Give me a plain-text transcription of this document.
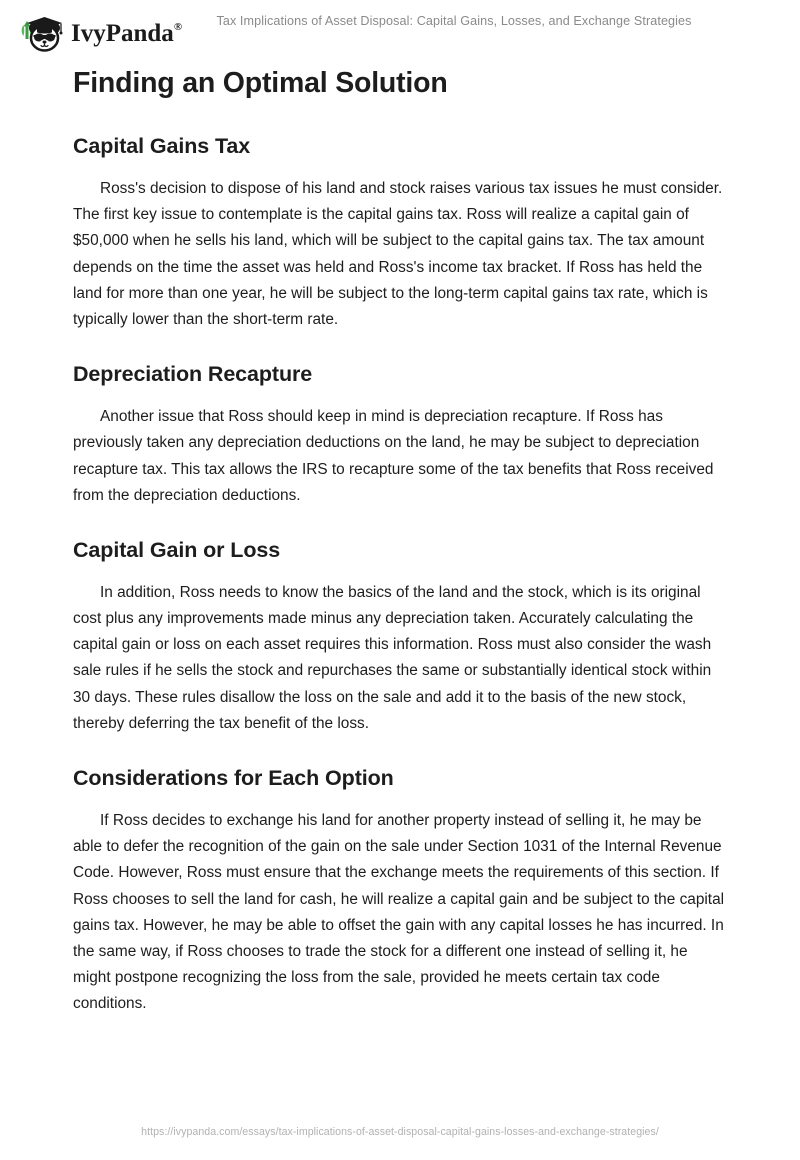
IvyPanda®	Tax Implications of Asset Disposal: Capital Gains, Losses, and Exchange Strategies
Finding an Optimal Solution
Capital Gains Tax

Ross's decision to dispose of his land and stock raises various tax issues he must consider. The first key issue to contemplate is the capital gains tax. Ross will realize a capital gain of $50,000 when he sells his land, which will be subject to the capital gains tax. The tax amount depends on the time the asset was held and Ross's income tax bracket. If Ross has held the land for more than one year, he will be subject to the long-term capital gains tax rate, which is typically lower than the short-term rate.

Depreciation Recapture

Another issue that Ross should keep in mind is depreciation recapture. If Ross has previously taken any depreciation deductions on the land, he may be subject to depreciation recapture tax. This tax allows the IRS to recapture some of the tax benefits that Ross received from the depreciation deductions.

Capital Gain or Loss

In addition, Ross needs to know the basics of the land and the stock, which is its original cost plus any improvements made minus any depreciation taken. Accurately calculating the capital gain or loss on each asset requires this information. Ross must also consider the wash sale rules if he sells the stock and repurchases the same or substantially identical stock within 30 days. These rules disallow the loss on the sale and add it to the basis of the new stock, thereby deferring the tax benefit of the loss.

Considerations for Each Option

If Ross decides to exchange his land for another property instead of selling it, he may be able to defer the recognition of the gain on the sale under Section 1031 of the Internal Revenue Code. However, Ross must ensure that the exchange meets the requirements of this section. If Ross chooses to sell the land for cash, he will realize a capital gain and be subject to the capital gains tax. However, he may be able to offset the gain with any capital losses he has incurred. In the same way, if Ross chooses to trade the stock for a different one instead of selling it, he might postpone recognizing the loss from the sale, provided he meets certain tax code conditions.

https://ivypanda.com/essays/tax-implications-of-asset-disposal-capital-gains-losses-and-exchange-strategies/
